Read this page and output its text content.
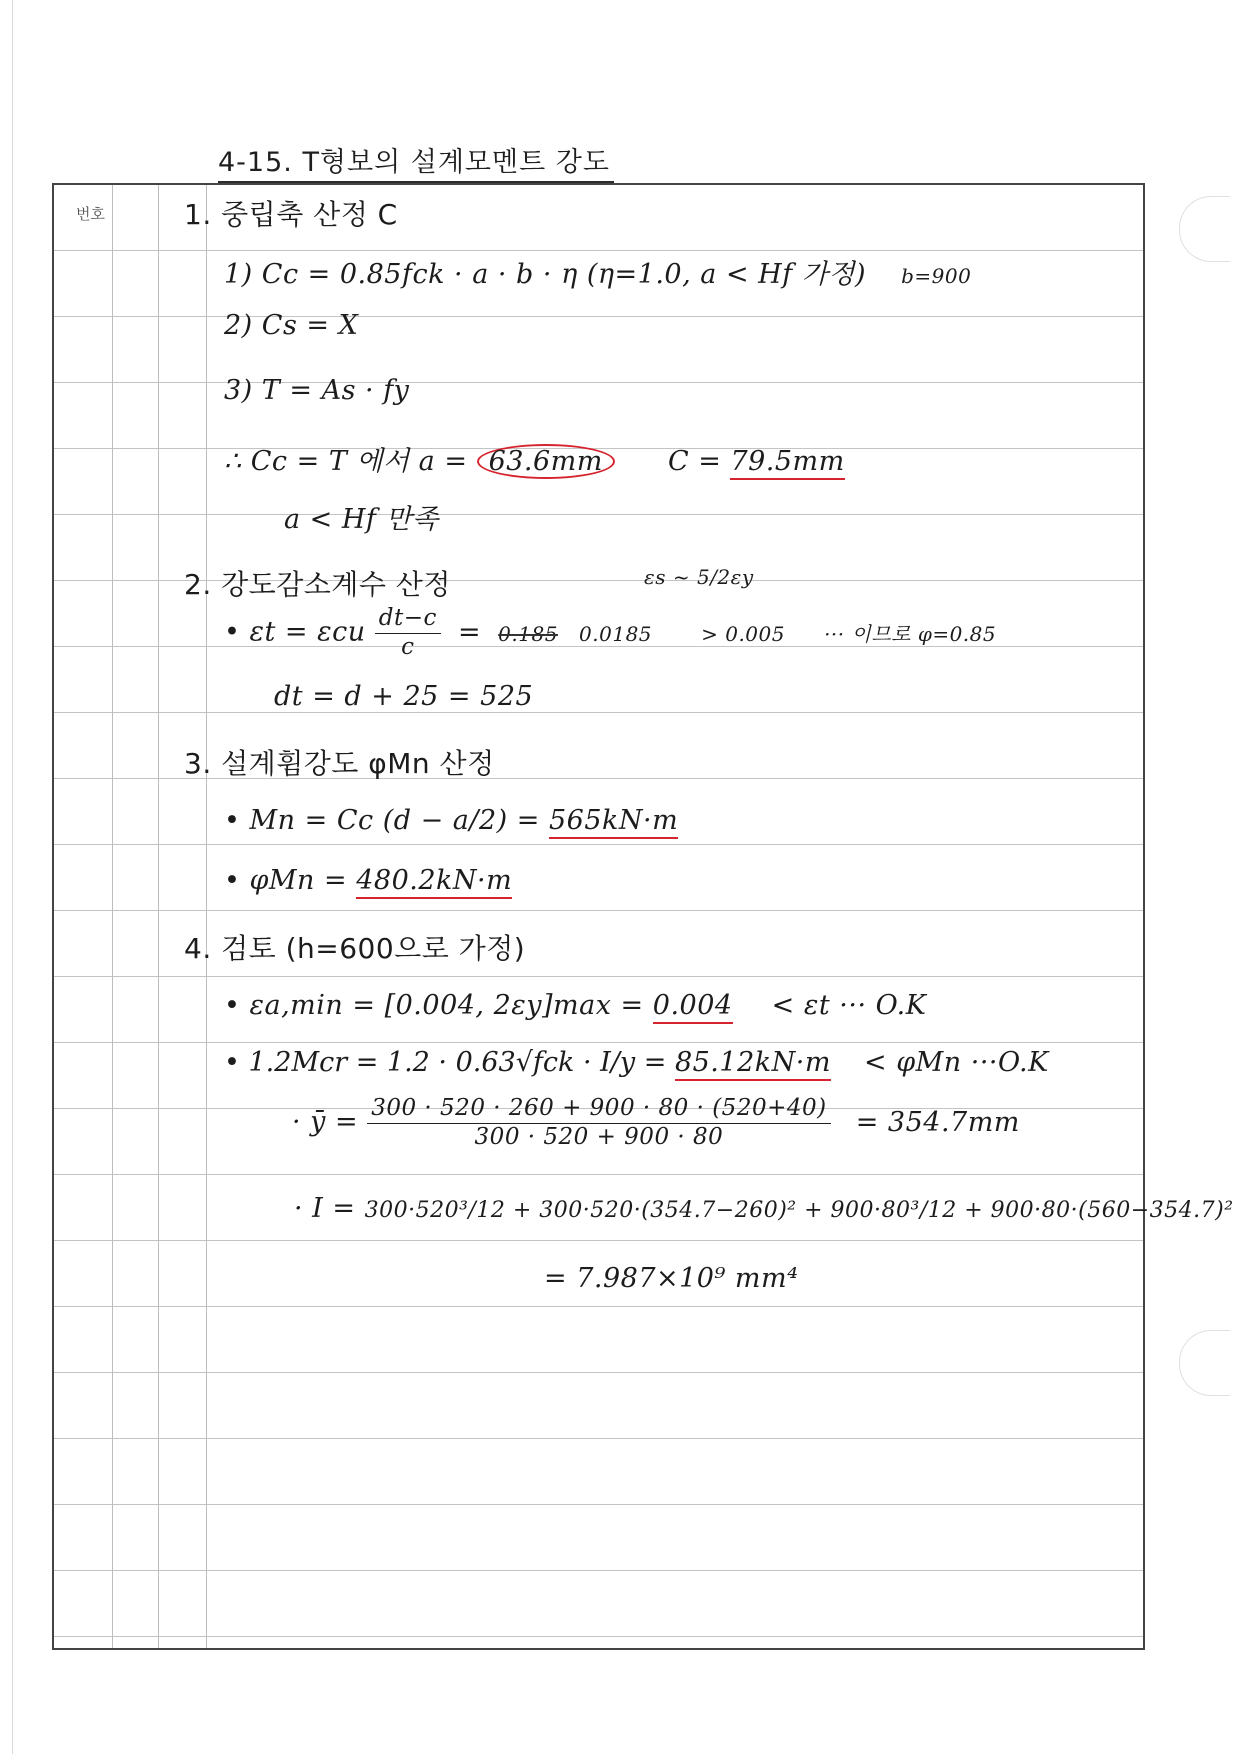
4-15. T형보의 설계모멘트 강도
번호	1. 중립축 산정 C
1) Cc = 0.85fck · a · b · η (η=1.0, a < Hf 가정) b=900
2) Cs = X
3) T = As · fy
∴ Cc = T 에서 a = 63.6mm C = 79.5mm
a < Hf 만족
2. 강도감소계수 산정	εs ~ 5/2εy
• εt = εcu $\frac{dt-c}{c} = 0.185$ 0.0185 > 0.005 ··· 이므로 φ=0.85
dt = d + 25 = 525
3. 설계휨강도 φMn 산정
• Mn = Cc (d − a/2) = 565kN·m
• φMn = 480.2kN·m
4. 검토 (h=600으로 가정)
• εa,min = [0.004, 2εy]max = 0.004 < εt ··· O.K
• 1.2Mcr = 1.2 · 0.63√fck · I/y = 85.12kN·m < φMn ···O.K
· ȳ = $\frac{300 \cdot 520 \cdot 260 + 900 \cdot 80 \cdot (520+40)}{300 \cdot 520 + 900 \cdot 80} = 354.7mm$
· I = 300·520³/12 + 300·520·(354.7−260)² + 900·80³/12 + 900·80·(560−354.7)²
= 7.987×10⁹ mm⁴
